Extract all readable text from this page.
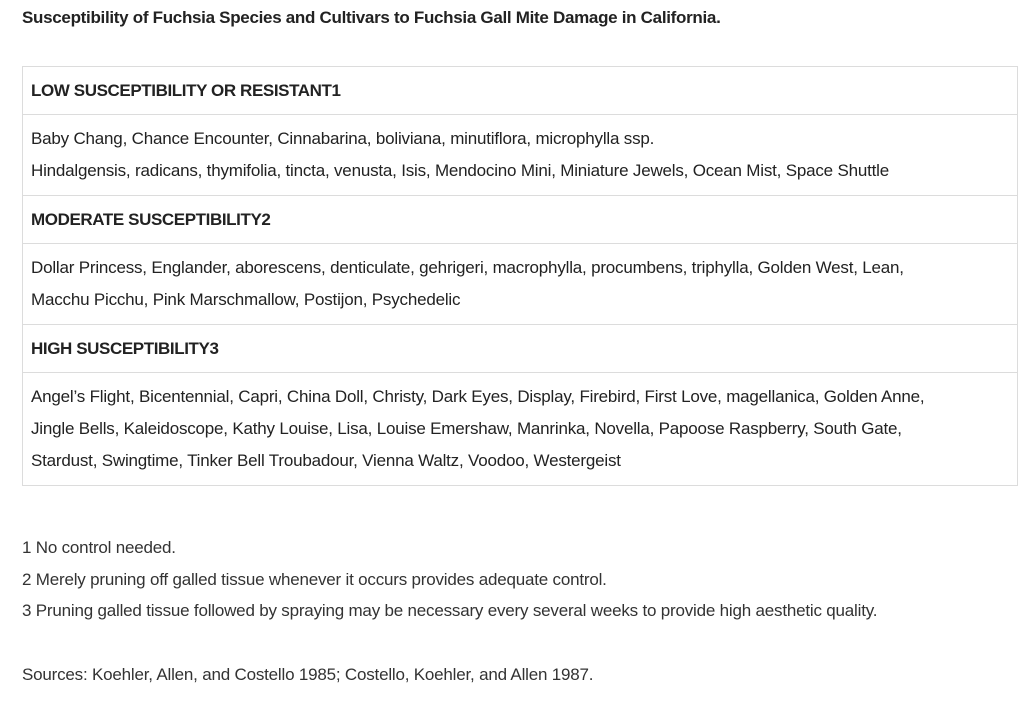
Susceptibility of Fuchsia Species and Cultivars to Fuchsia Gall Mite Damage in California.
LOW SUSCEPTIBILITY OR RESISTANT1

Baby Chang, Chance Encounter, Cinnabarina, boliviana, minutiflora, microphylla ssp.
Hindalgensis, radicans, thymifolia, tincta, venusta, Isis, Mendocino Mini, Miniature Jewels, Ocean Mist, Space Shuttle

MODERATE SUSCEPTIBILITY2

Dollar Princess, Englander, aborescens, denticulate, gehrigeri, macrophylla, procumbens, triphylla, Golden West, Lean,
Macchu Picchu, Pink Marschmallow, Postijon, Psychedelic

HIGH SUSCEPTIBILITY3

Angel’s Flight, Bicentennial, Capri, China Doll, Christy, Dark Eyes, Display, Firebird, First Love, magellanica, Golden Anne,
Jingle Bells, Kaleidoscope, Kathy Louise, Lisa, Louise Emershaw, Manrinka, Novella, Papoose Raspberry, South Gate,
Stardust, Swingtime, Tinker Bell Troubadour, Vienna Waltz, Voodoo, Westergeist
1 No control needed.
2 Merely pruning off galled tissue whenever it occurs provides adequate control.
3 Pruning galled tissue followed by spraying may be necessary every several weeks to provide high aesthetic quality.
Sources: Koehler, Allen, and Costello 1985; Costello, Koehler, and Allen 1987.
